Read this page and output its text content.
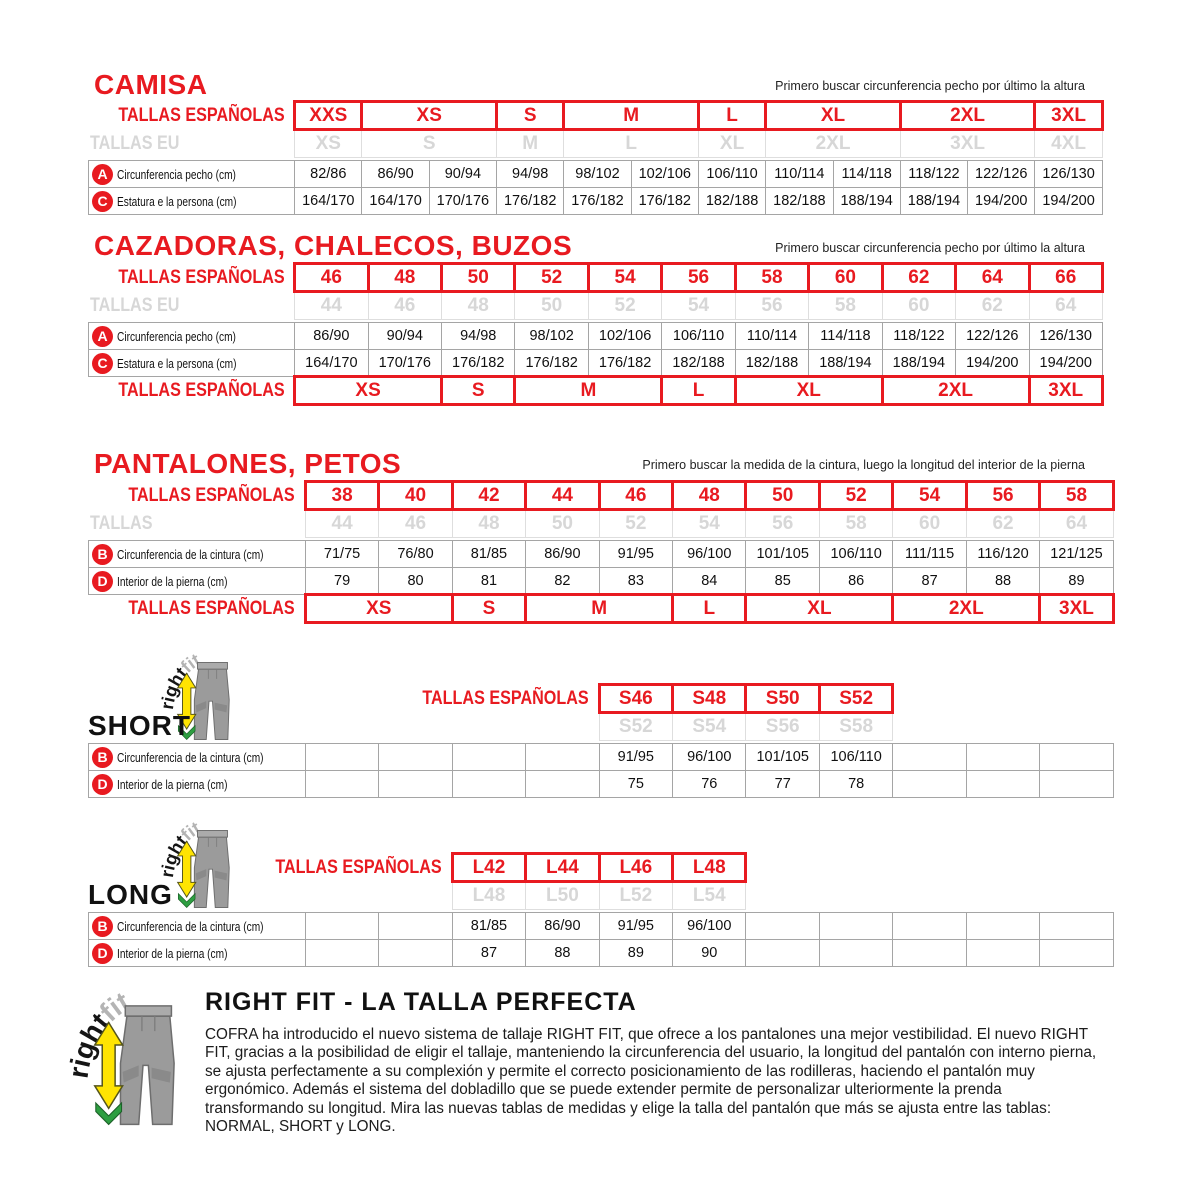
CAMISA	Primero buscar circunferencia pecho por último la altura
TALLAS ESPAÑOLAS	XXS	XS		S	M		L	XL		2XL		3XL
TALLAS EU	XS	S		M	L		XL	2XL		3XL		4XL

A Circunferencia pecho (cm)	82/86	86/90	90/94	94/98	98/102	102/106	106/110	110/114	114/118	118/122	122/126	126/130
C Estatura e la persona (cm)	164/170	164/170	170/176	176/182	176/182	176/182	182/188	182/188	188/194	188/194	194/200	194/200
CAZADORAS, CHALECOS, BUZOS	Primero buscar circunferencia pecho por último la altura
TALLAS ESPAÑOLAS	46	48	50	52	54	56	58	60	62	64	66
TALLAS EU	44	46	48	50	52	54	56	58	60	62	64

A Circunferencia pecho (cm)	86/90	90/94	94/98	98/102	102/106	106/110	110/114	114/118	118/122	122/126	126/130
C Estatura e la persona (cm)	164/170	170/176	176/182	176/182	176/182	182/188	182/188	188/194	188/194	194/200	194/200
TALLAS ESPAÑOLAS	XS		S	M		L	XL		2XL		3XL
PANTALONES, PETOS	Primero buscar la medida de la cintura, luego la longitud del interior de la pierna
TALLAS ESPAÑOLAS	38	40	42	44	46	48	50	52	54	56	58
TALLAS	44	46	48	50	52	54	56	58	60	62	64

B Circunferencia de la cintura (cm)	71/75	76/80	81/85	86/90	91/95	96/100	101/105	106/110	111/115	116/120	121/125
D Interior de la pierna (cm)	79	80	81	82	83	84	85	86	87	88	89
TALLAS ESPAÑOLAS	XS		S	M		L	XL		2XL		3XL
SHORT
TALLAS ESPAÑOLAS					S46	S48	S50	S52			
					S52	S54	S56	S58			

B Circunferencia de la cintura (cm)					91/95	96/100	101/105	106/110			
D Interior de la pierna (cm)					75	76	77	78			
LONG
TALLAS ESPAÑOLAS			L42	L44	L46	L48					
			L48	L50	L52	L54					

B Circunferencia de la cintura (cm)			81/85	86/90	91/95	96/100					
D Interior de la pierna (cm)			87	88	89	90					
RIGHT FIT - LA TALLA PERFECTA

COFRA ha introducido el nuevo sistema de tallaje RIGHT FIT, que ofrece a los pantalones una mejor vestibilidad. El nuevo RIGHT FIT, gracias a la posibilidad de eligir el tallaje, manteniendo la circunferencia del usuario, la longitud del pantalón con interno pierna, se ajusta perfectamente a su complexión y permite el correcto posicionamiento de las rodilleras, haciendo el pantalón muy ergonómico. Además el sistema del dobladillo que se puede extender permite de personalizar ulteriormente la prenda transformando su longitud. Mira las nuevas tablas de medidas y elige la talla del pantalón que más se ajusta entre las tablas: NORMAL, SHORT y LONG.
